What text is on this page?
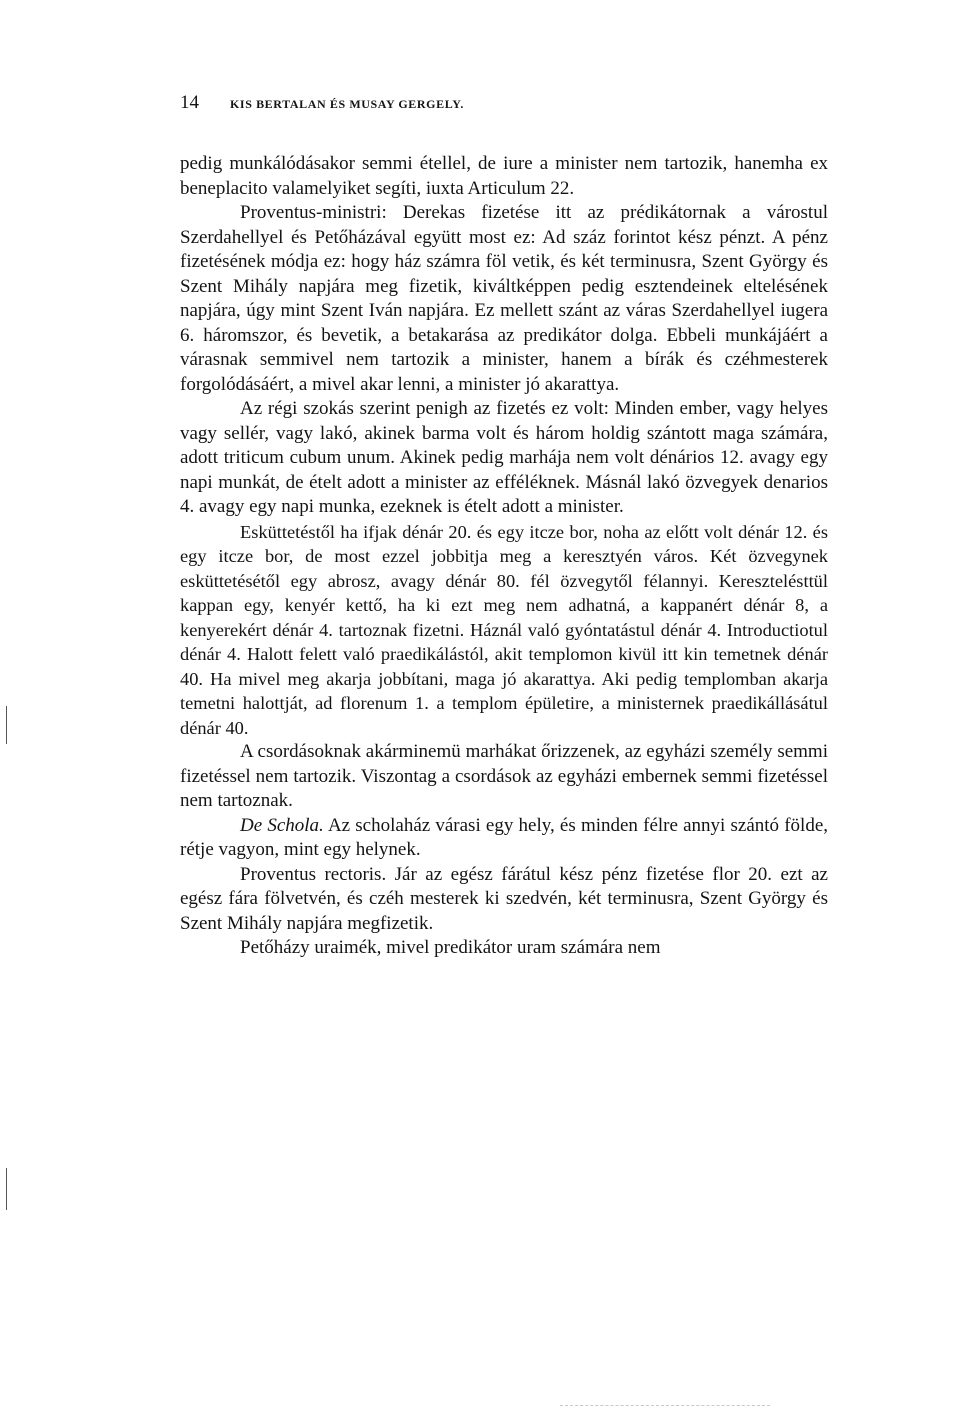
14	KIS BERTALAN ÉS MUSAY GERGELY.

pedig munkálódásakor semmi étellel, de iure a minister nem tartozik, hanemha ex beneplacito valamelyiket segíti, iuxta Articulum 22.

Proventus-ministri: Derekas fizetése itt az prédikátornak a várostul Szerdahellyel és Petőházával együtt most ez: Ad száz forintot kész pénzt. A pénz fizetésének módja ez: hogy ház számra föl vetik, és két terminusra, Szent György és Szent Mihály napjára meg fizetik, kiváltképpen pedig esztendeinek eltelésének napjára, úgy mint Szent Iván napjára. Ez mellett szánt az váras Szerdahellyel iugera 6. háromszor, és bevetik, a betakarása az predikátor dolga. Ebbeli munkájáért a várasnak semmivel nem tartozik a minister, hanem a bírák és czéhmesterek forgolódásáért, a mivel akar lenni, a minister jó akarattya.

Az régi szokás szerint penigh az fizetés ez volt: Minden ember, vagy helyes vagy sellér, vagy lakó, akinek barma volt és három holdig szántott maga számára, adott triticum cubum unum. Akinek pedig marhája nem volt dénários 12. avagy egy napi munkát, de ételt adott a minister az efféléknek. Másnál lakó özvegyek denarios 4. avagy egy napi munka, ezeknek is ételt adott a minister.

Esküttetéstől ha ifjak dénár 20. és egy itcze bor, noha az előtt volt dénár 12. és egy itcze bor, de most ezzel jobbitja meg a keresztyén város. Két özvegynek esküttetésétől egy abrosz, avagy dénár 80. fél özvegytől félannyi. Keresztelésttül kappan egy, kenyér kettő, ha ki ezt meg nem adhatná, a kappanért dénár 8, a kenyerekért dénár 4. tartoznak fizetni. Háznál való gyóntatástul dénár 4. Introductiotul dénár 4. Halott felett való praedikálástól, akit templomon kivül itt kin temetnek dénár 40. Ha mivel meg akarja jobbítani, maga jó akarattya. Aki pedig templomban akarja temetni halottját, ad florenum 1. a templom épületire, a ministernek praedikállásátul dénár 40.

A csordásoknak akárminemü marhákat őrizzenek, az egyházi személy semmi fizetéssel nem tartozik. Viszontag a csordások az egyházi embernek semmi fizetéssel nem tartoznak.

De Schola. Az scholaház várasi egy hely, és minden félre annyi szántó földe, rétje vagyon, mint egy helynek.

Proventus rectoris. Jár az egész fárátul kész pénz fizetése flor 20. ezt az egész fára fölvetvén, és czéh mesterek ki szedvén, két terminusra, Szent György és Szent Mihály napjára megfizetik.

Petőházy uraimék, mivel predikátor uram számára nem
